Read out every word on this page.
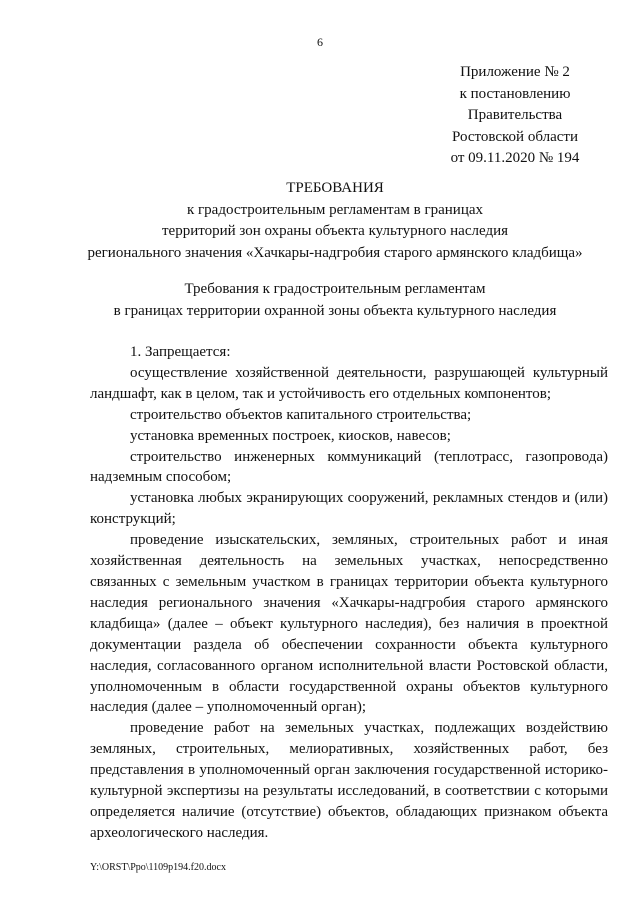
6
Приложение № 2
к постановлению
Правительства
Ростовской области
от 09.11.2020 № 194
ТРЕБОВАНИЯ
к градостроительным регламентам в границах
территорий зон охраны объекта культурного наследия
регионального значения «Хачкары-надгробия старого армянского кладбища»
Требования к градостроительным регламентам
в границах территории охранной зоны объекта культурного наследия

1. Запрещается:

осуществление хозяйственной деятельности, разрушающей культурный ландшафт, как в целом, так и устойчивость его отдельных компонентов;

строительство объектов капитального строительства;

установка временных построек, киосков, навесов;

строительство инженерных коммуникаций (теплотрасс, газопровода) надземным способом;

установка любых экранирующих сооружений, рекламных стендов и (или) конструкций;

проведение изыскательских, земляных, строительных работ и иная хозяйственная деятельность на земельных участках, непосредственно связанных с земельным участком в границах территории объекта культурного наследия регионального значения «Хачкары-надгробия старого армянского кладбища» (далее – объект культурного наследия), без наличия в проектной документации раздела об обеспечении сохранности объекта культурного наследия, согласованного органом исполнительной власти Ростовской области, уполномоченным в области государственной охраны объектов культурного наследия (далее – уполномоченный орган);

проведение работ на земельных участках, подлежащих воздействию земляных, строительных, мелиоративных, хозяйственных работ, без представления в уполномоченный орган заключения государственной историко-культурной экспертизы на результаты исследований, в соответствии с которыми определяется наличие (отсутствие) объектов, обладающих признаком объекта археологического наследия.

Y:\ORST\Ppo\1109p194.f20.docx
